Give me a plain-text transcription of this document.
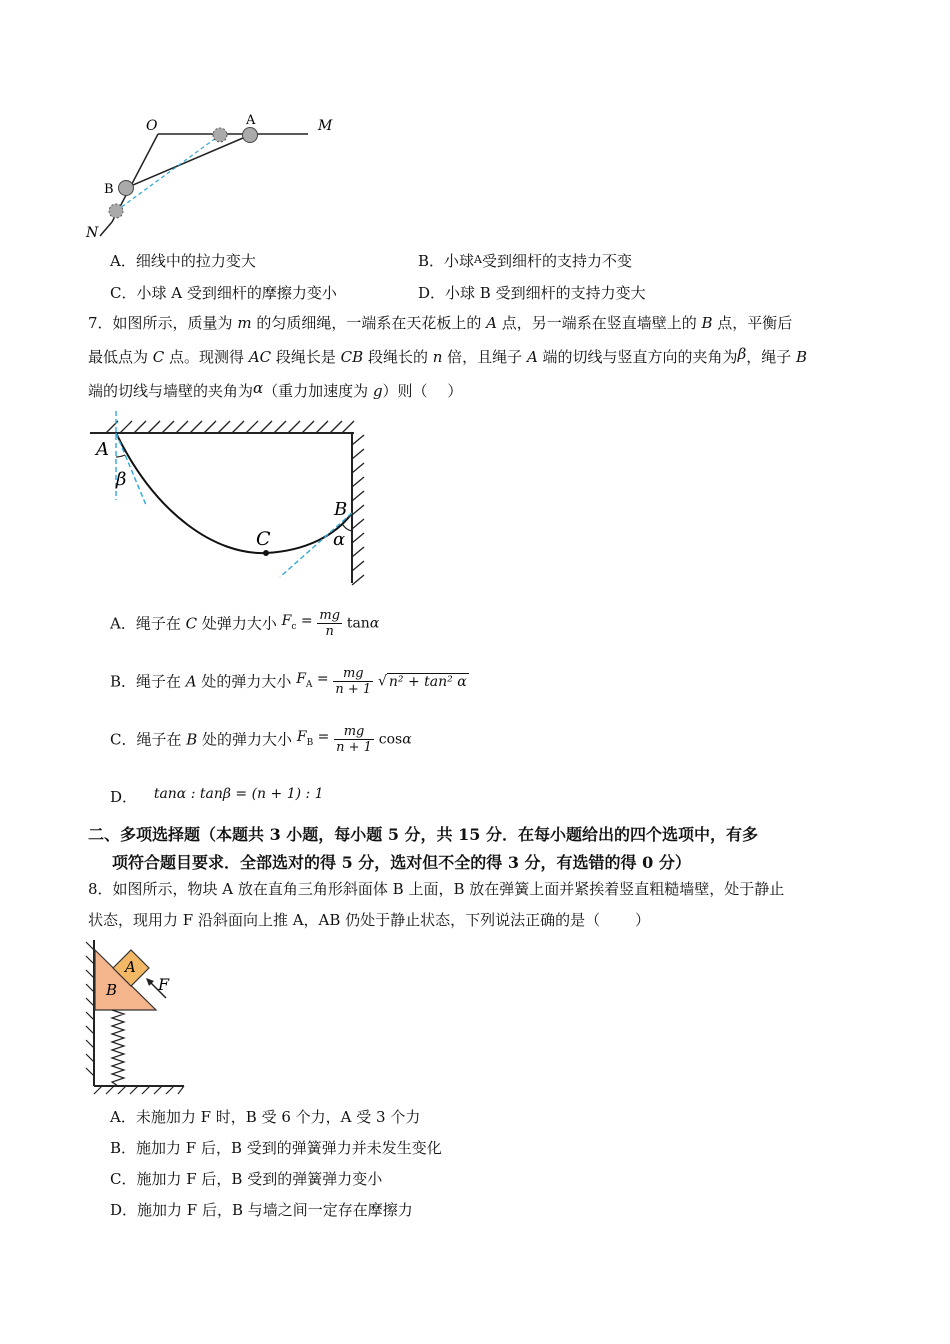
O	A	M
B
N
A．细线中的拉力变大	B．小球$^A$受到细杆的支持力不变
C．小球 A 受到细杆的摩擦力变小	D．小球 B 受到细杆的支持力变大
7．如图所示，质量为 m 的匀质细绳，一端系在天花板上的 A 点，另一端系在竖直墙壁上的 B 点，平衡后
最低点为 C 点。现测得 AC 段绳长是 CB 段绳长的 n 倍，且绳子 A 端的切线与竖直方向的夹角为β，绳子 B
端的切线与墙壁的夹角为α（重力加速度为 g）则（　 ）
A
β
B
C	α
A．绳子在 C 处弹力大小 $F_c = \frac{mg}{n}$ tanα
B．绳子在 A 处的弹力大小 $F_A = \frac{mg}{n + 1}$ √ n² + tan² α
C．绳子在 B 处的弹力大小 $F_B = \frac{mg}{n + 1}$ cosα
D． tanα : tanβ = (n + 1) : 1
二、多项选择题（本题共 3 小题，每小题 5 分，共 15 分．在每小题给出的四个选项中，有多
项符合题目要求．全部选对的得 5 分，选对但不全的得 3 分，有选错的得 0 分）
8．如图所示，物块 A 放在直角三角形斜面体 B 上面，B 放在弹簧上面并紧挨着竖直粗糙墙壁，处于静止
状态，现用力 F 沿斜面向上推 A，AB 仍处于静止状态，下列说法正确的是（　　 ）
A
B	F
A．未施加力 F 时，B 受 6 个力，A 受 3 个力
B．施加力 F 后，B 受到的弹簧弹力并未发生变化
C．施加力 F 后，B 受到的弹簧弹力变小
D．施加力 F 后，B 与墙之间一定存在摩擦力
